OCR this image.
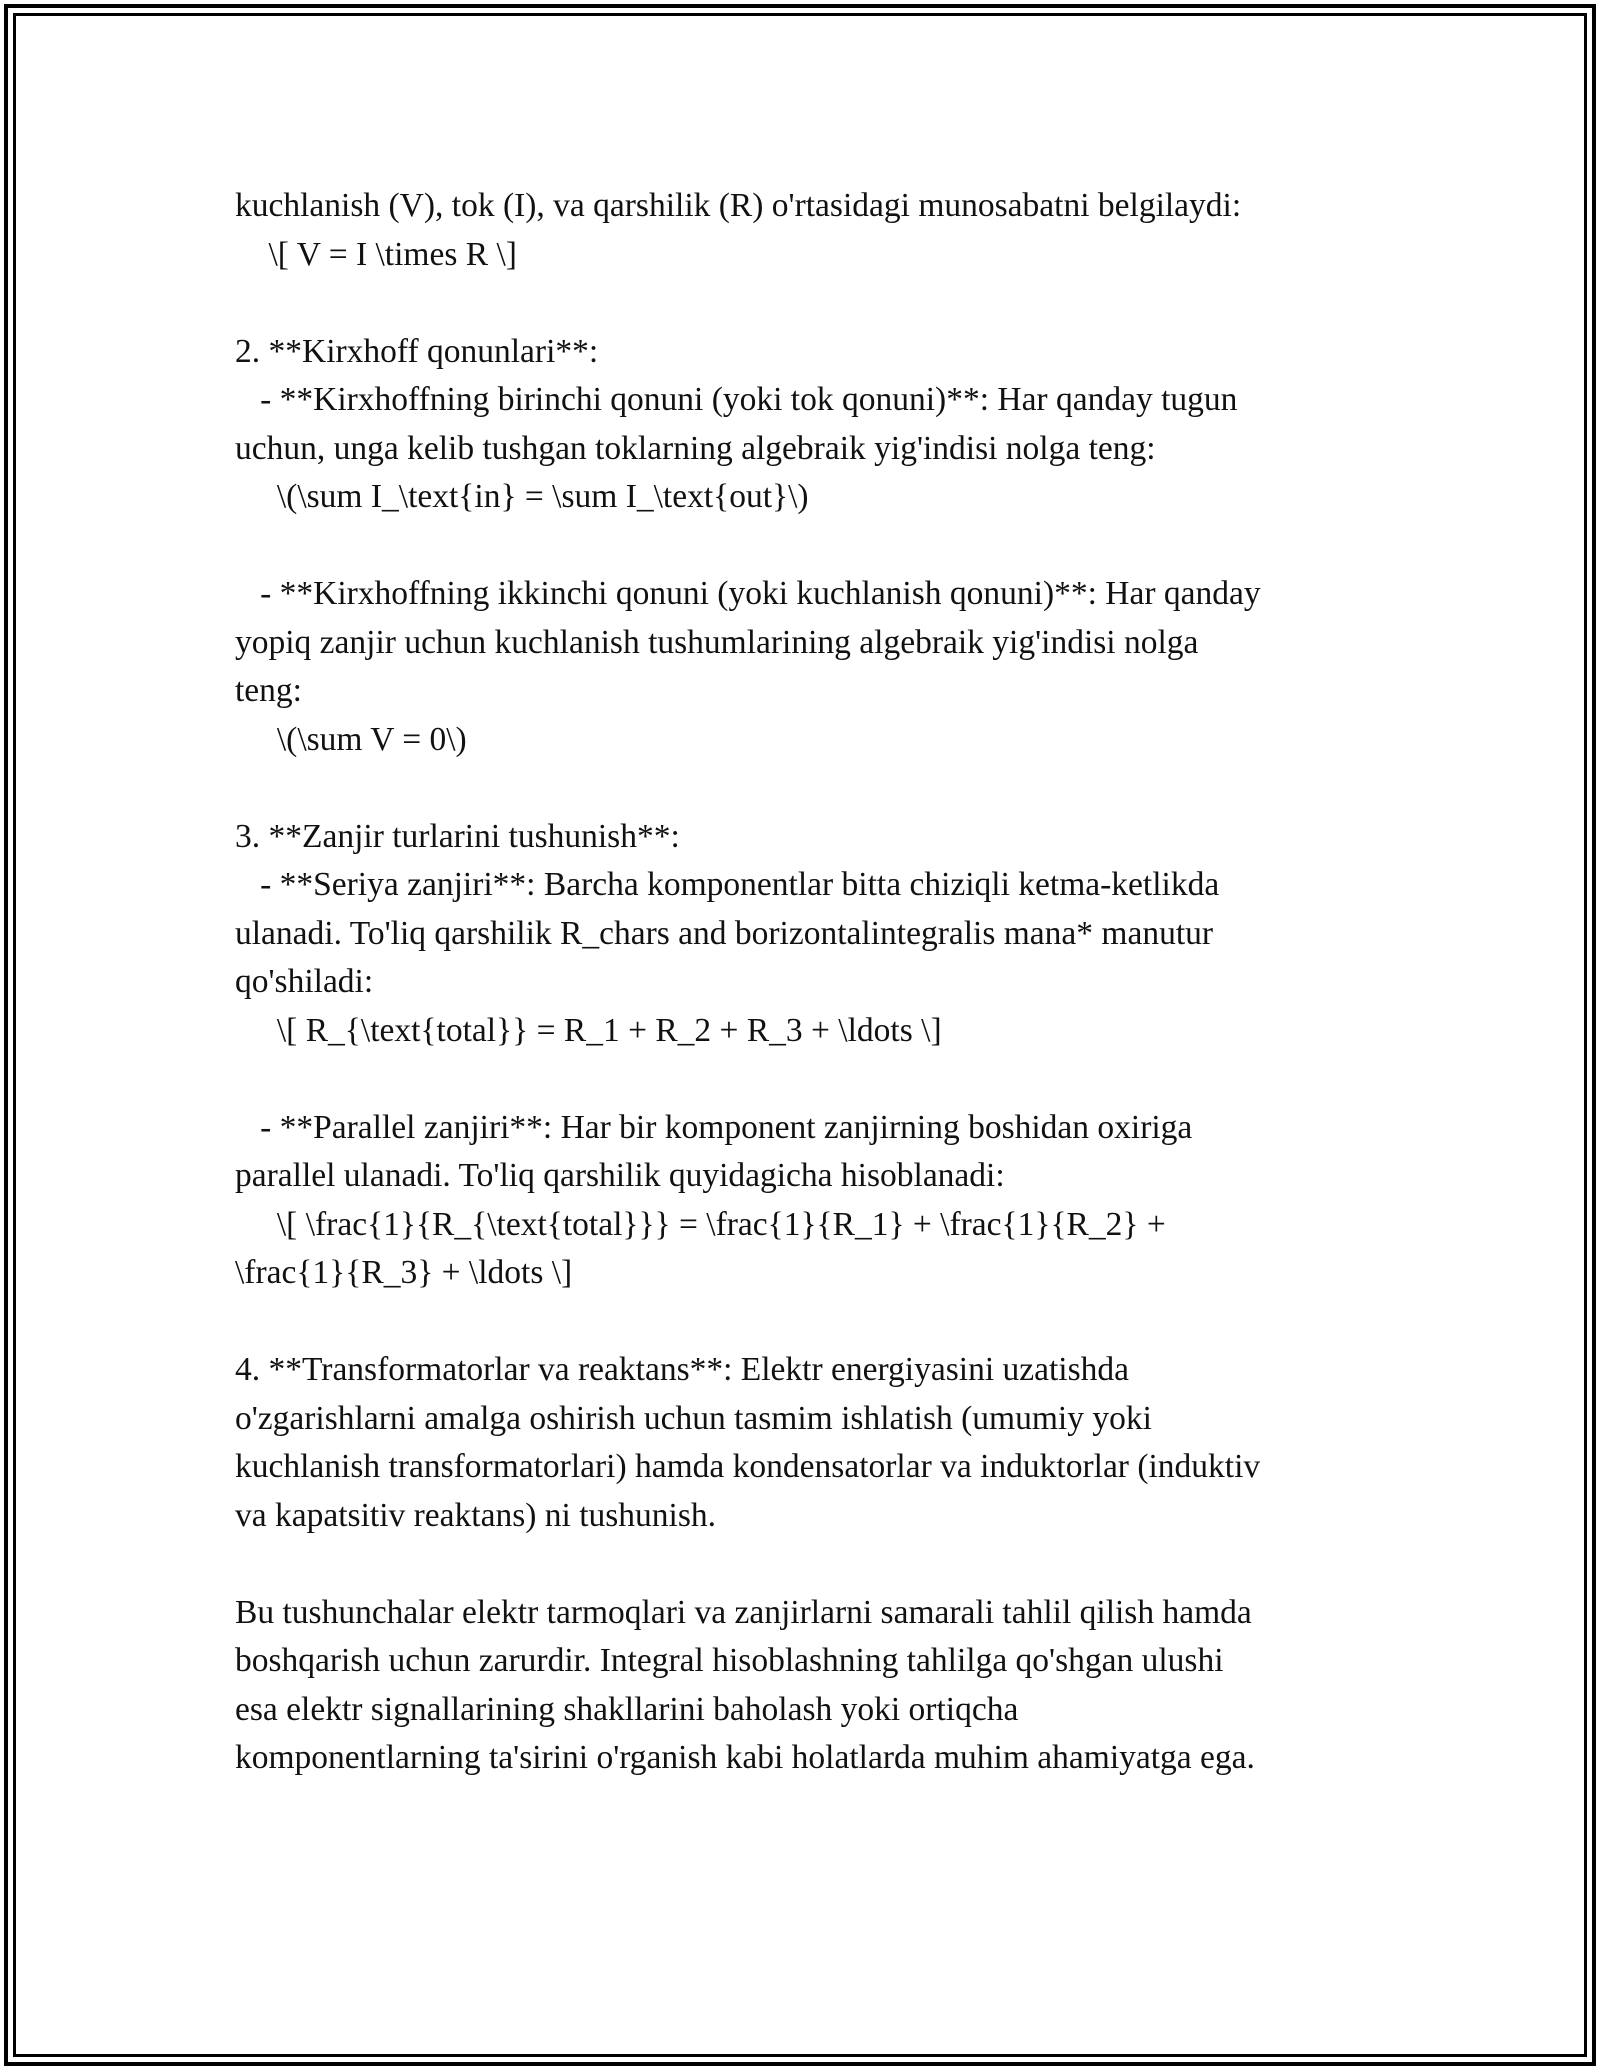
kuchlanish (V), tok (I), va qarshilik (R) o'rtasidagi munosabatni belgilaydi:
\[ V = I \times R \]
2. **Kirxhoff qonunlari**:
- **Kirxhoffning birinchi qonuni (yoki tok qonuni)**: Har qanday tugun
uchun, unga kelib tushgan toklarning algebraik yig'indisi nolga teng:
\(\sum I_\text{in} = \sum I_\text{out}\)
- **Kirxhoffning ikkinchi qonuni (yoki kuchlanish qonuni)**: Har qanday
yopiq zanjir uchun kuchlanish tushumlarining algebraik yig'indisi nolga
teng:
\(\sum V = 0\)
3. **Zanjir turlarini tushunish**:
- **Seriya zanjiri**: Barcha komponentlar bitta chiziqli ketma-ketlikda
ulanadi. To'liq qarshilik R_chars and borizontalintegralis mana* manutur
qo'shiladi:
\[ R_{\text{total}} = R_1 + R_2 + R_3 + \ldots \]
- **Parallel zanjiri**: Har bir komponent zanjirning boshidan oxiriga
parallel ulanadi. To'liq qarshilik quyidagicha hisoblanadi:
\[ \frac{1}{R_{\text{total}}} = \frac{1}{R_1} + \frac{1}{R_2} +
\frac{1}{R_3} + \ldots \]
4. **Transformatorlar va reaktans**: Elektr energiyasini uzatishda
o'zgarishlarni amalga oshirish uchun tasmim ishlatish (umumiy yoki
kuchlanish transformatorlari) hamda kondensatorlar va induktorlar (induktiv
va kapatsitiv reaktans) ni tushunish.
Bu tushunchalar elektr tarmoqlari va zanjirlarni samarali tahlil qilish hamda
boshqarish uchun zarurdir. Integral hisoblashning tahlilga qo'shgan ulushi
esa elektr signallarining shakllarini baholash yoki ortiqcha
komponentlarning ta'sirini o'rganish kabi holatlarda muhim ahamiyatga ega.
